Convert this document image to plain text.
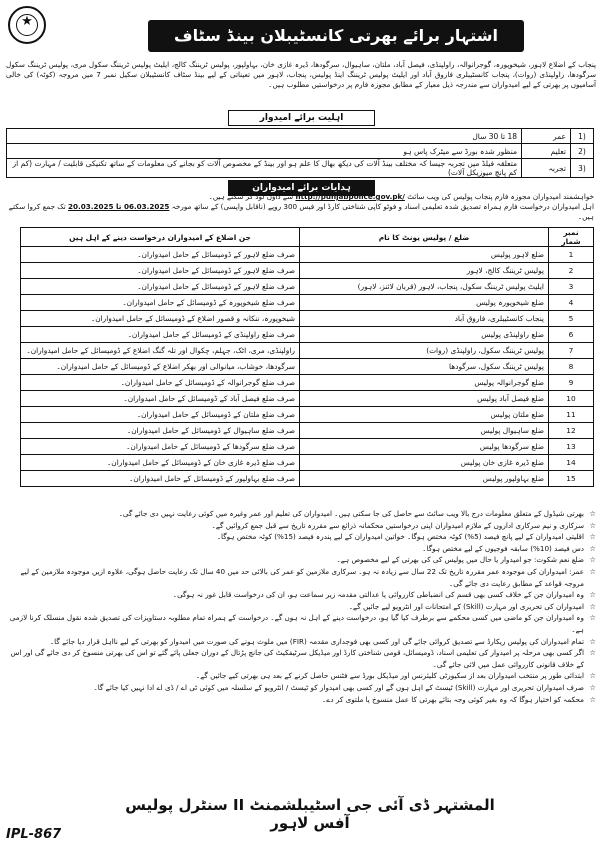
★
اشتہار برائے بھرتی کانسٹیبلان بینڈ سٹاف
پنجاب کے اضلاع لاہور، شیخوپورہ، گوجرانوالہ، راولپنڈی، فیصل آباد، ملتان، ساہیوال، سرگودھا، ڈیرہ غازی خان، بہاولپور، پولیس ٹریننگ کالج، ایلیٹ پولیس ٹریننگ سکول مری، پولیس ٹریننگ سکول سرگودھا، راولپنڈی (روات)، پنجاب کانسٹیبلری فاروق آباد اور ایلیٹ پولیس ٹریننگ اینڈ پولیس، پنجاب، لاہور میں تعیناتی کے لیے بینڈ سٹاف کانسٹیبلان سکیل نمبر 7 میں مروجہ (کوٹہ) کی خالی آسامیوں پر بھرتی کے لیے امیدواران سے مندرجہ ذیل معیار کے مطابق مجوزہ فارم پر درخواستیں مطلوب ہیں۔
اہلیت برائے امیدوار
(1	عمر	18 تا 30 سال
(2	تعلیم	منظور شدہ بورڈ سے میٹرک پاس ہو
(3	تجربہ	متعلقہ فیلڈ میں تجربہ جیسا کہ مختلف بینڈ آلات کی دیکھ بھال کا علم ہو اور بینڈ کے مخصوص آلات کو بجانے کی معلومات کے ساتھ تکنیکی قابلیت / مہارت (کم از کم پانچ میوزیکل آلات)
ہدایات برائے امیدواران
خواہشمند امیدواران مجوزہ فارم پنجاب پولیس کی ویب سائٹ http://punjabpolice.gov.pk/ سے ڈاؤن لوڈ کر سکتے ہیں۔
اہل امیدواران درخواست فارم ہمراہ تصدیق شدہ تعلیمی اسناد و فوٹو کاپی شناختی کارڈ اور فیس 300 روپے (ناقابل واپسی) کے ساتھ مورخہ 06.03.2025 تا 20.03.2025 تک جمع کروا سکتے ہیں۔
نمبر شمار	ضلع / پولیس یونٹ کا نام	جن اضلاع کے امیدواران درخواست دینے کے اہل ہیں
1	ضلع لاہور پولیس	صرف ضلع لاہور کے ڈومیسائل کے حامل امیدواران۔
2	پولیس ٹریننگ کالج، لاہور	صرف ضلع لاہور کے ڈومیسائل کے حامل امیدواران۔
3	ایلیٹ پولیس ٹریننگ سکول، پنجاب، لاہور (قربان لائنز، لاہور)	صرف ضلع لاہور کے ڈومیسائل کے حامل امیدواران۔
4	ضلع شیخوپورہ پولیس	صرف ضلع شیخوپورہ کے ڈومیسائل کے حامل امیدواران۔
5	پنجاب کانسٹیبلری، فاروق آباد	شیخوپورہ، ننکانہ و قصور اضلاع کے ڈومیسائل کے حامل امیدواران۔
6	ضلع راولپنڈی پولیس	صرف ضلع راولپنڈی کے ڈومیسائل کے حامل امیدواران۔
7	پولیس ٹریننگ سکول، راولپنڈی (روات)	راولپنڈی، مری، اٹک، جہلم، چکوال اور تلہ گنگ اضلاع کے ڈومیسائل کے حامل امیدواران۔
8	پولیس ٹریننگ سکول، سرگودھا	سرگودھا، خوشاب، میانوالی اور بھکر اضلاع کے ڈومیسائل کے حامل امیدواران۔
9	ضلع گوجرانوالہ پولیس	صرف ضلع گوجرانوالہ کے ڈومیسائل کے حامل امیدواران۔
10	ضلع فیصل آباد پولیس	صرف ضلع فیصل آباد کے ڈومیسائل کے حامل امیدواران۔
11	ضلع ملتان پولیس	صرف ضلع ملتان کے ڈومیسائل کے حامل امیدواران۔
12	ضلع ساہیوال پولیس	صرف ضلع ساہیوال کے ڈومیسائل کے حامل امیدواران۔
13	ضلع سرگودھا پولیس	صرف ضلع سرگودھا کے ڈومیسائل کے حامل امیدواران۔
14	ضلع ڈیرہ غازی خان پولیس	صرف ضلع ڈیرہ غازی خان کے ڈومیسائل کے حامل امیدواران۔
15	ضلع بہاولپور پولیس	صرف ضلع بہاولپور کے ڈومیسائل کے حامل امیدواران۔
☆
بھرتی شیڈول کے متعلق معلومات درج بالا ویب سائٹ سے حاصل کی جا سکتی ہیں۔ امیدواران کی تعلیم اور عمر وغیرہ میں کوئی رعایت نہیں دی جائے گی۔
☆
سرکاری و نیم سرکاری اداروں کے ملازم امیدواران اپنی درخواستیں محکمانہ ذرائع سے مقررہ تاریخ سے قبل جمع کروائیں گے۔
☆
اقلیتی امیدواران کے لیے پانچ فیصد (5%) کوٹہ مختص ہوگا۔ خواتین امیدواران کے لیے پندرہ فیصد (15%) کوٹہ مختص ہوگا۔
☆
دس فیصد (10%) سابقہ فوجیوں کے لیے مختص ہوگا۔
☆
ضلع نعم شکوت: جو امیدوار یا حال میں پولیس کی کی بھرتی کے لیے مخصوص ہے۔
☆
عمر: امیدواران کی موجودہ عمر مقررہ تاریخ تک 22 سال سے زیادہ نہ ہو۔ سرکاری ملازمین کو عمر کی بالائی حد میں 40 سال تک رعایت حاصل ہوگی، علاوہ ازیں موجودہ ملازمین کے لیے مروجہ قواعد کے مطابق رعایت دی جائے گی۔
☆
وہ امیدواران جن کے خلاف کسی بھی قسم کی انضباطی کارروائی یا عدالتی مقدمہ زیر سماعت ہو، ان کی درخواست قابل غور نہ ہوگی۔
☆
امیدواران کی تحریری اور مہارت (Skill) کے امتحانات اور انٹرویو لیے جائیں گے۔
☆
وہ امیدواران جن کو ماضی میں کسی محکمے سے برطرف کیا گیا ہو، درخواست دینے کے اہل نہ ہوں گے۔ درخواست کے ہمراہ تمام مطلوبہ دستاویزات کی تصدیق شدہ نقول منسلک کرنا لازمی ہے۔
☆
تمام امیدواران کی پولیس ریکارڈ سے تصدیق کروائی جائے گی اور کسی بھی فوجداری مقدمہ (FIR) میں ملوث ہونے کی صورت میں امیدوار کو بھرتی کے لیے نااہل قرار دیا جائے گا۔
☆
اگر کسی بھی مرحلہ پر امیدوار کی تعلیمی اسناد، ڈومیسائل، قومی شناختی کارڈ اور میڈیکل سرٹیفکیٹ کی جانچ پڑتال کے دوران جعلی پائے گئے تو اس کی بھرتی منسوخ کر دی جائے گی اور اس کے خلاف قانونی کارروائی عمل میں لائی جائے گی۔
☆
ابتدائی طور پر منتخب امیدواران بعد از سکیورٹی کلیئرنس اور میڈیکل بورڈ سے فٹنس حاصل کرنے کے بعد ہی بھرتی کیے جائیں گے۔
☆
صرف امیدواران تحریری اور مہارت (Skill) ٹیسٹ کے اہل ہوں گے اور کسی بھی امیدوار کو ٹیسٹ / انٹرویو کے سلسلہ میں کوئی ٹی اے / ڈی اے ادا نہیں کیا جائے گا۔
☆
محکمہ کو اختیار ہوگا کہ وہ بغیر کوئی وجہ بتائے بھرتی کا عمل منسوخ یا ملتوی کر دے۔
المشتہر ڈی آئی جی اسٹیبلشمنٹ II سنٹرل پولیس آفس لاہور
IPL-867
